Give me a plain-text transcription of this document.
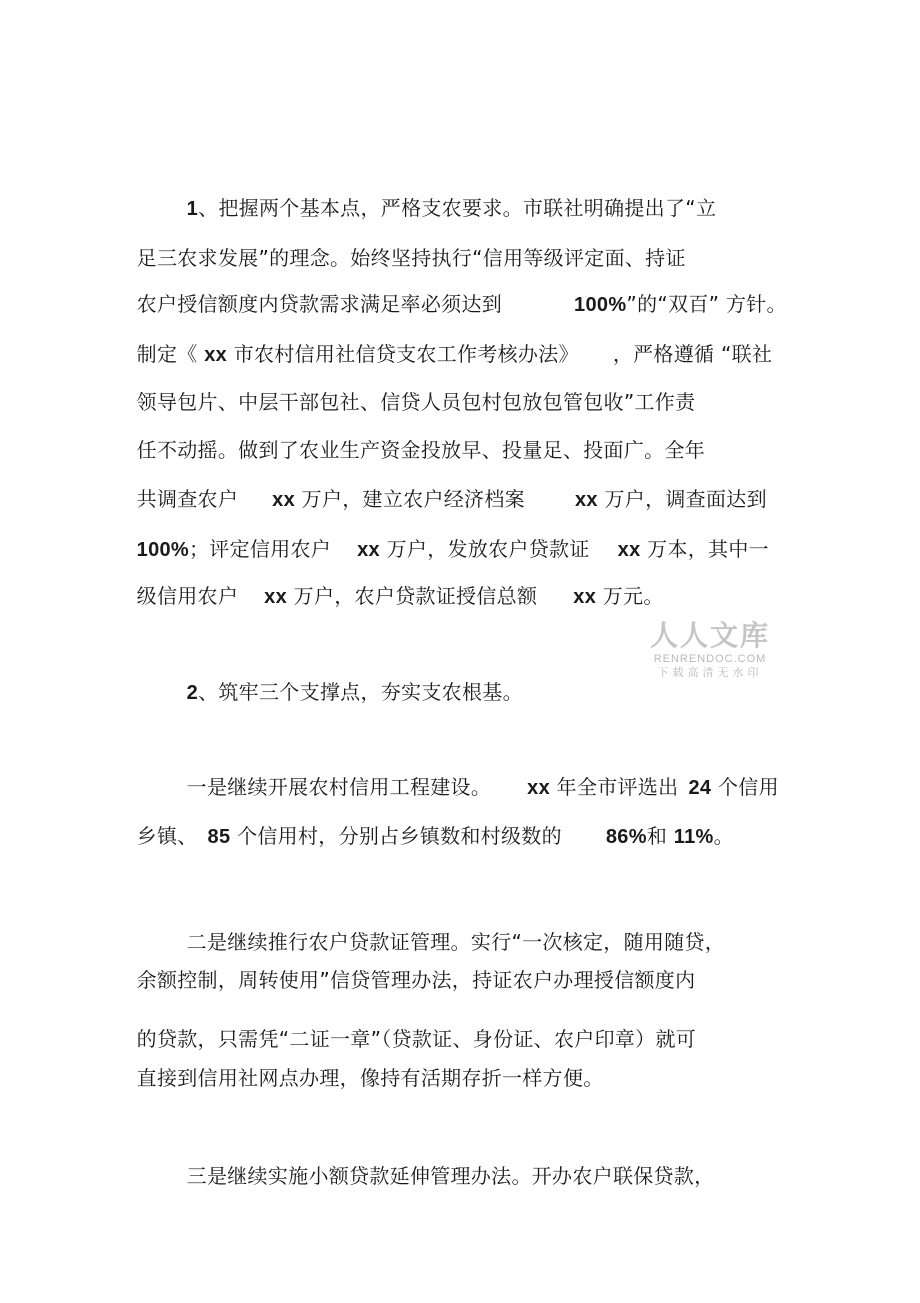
1、把握两个基本点，严格支农要求。市联社明确提出了“立

足三农求发展”的理念。始终坚持执行“信用等级评定面、持证

农户授信额度内贷款需求满足率必须达到	100%”的“双百” 方针。

制定《 xx 市农村信用社信贷支农工作考核办法》 ，严格遵循 “联社

领导包片、中层干部包社、信贷人员包村包放包管包收”工作责

任不动摇。做到了农业生产资金投放早、投量足、投面广。全年

共调查农户 xx 万户，建立农户经济档案	xx 万户，调查面达到

100%；评定信用农户 xx 万户，发放农户贷款证 xx 万本，其中一

级信用农户 xx 万户，农户贷款证授信总额 xx 万元。

2、筑牢三个支撑点，夯实支农根基。

一是继续开展农村信用工程建设。 xx 年全市评选出 24 个信用

乡镇、 85 个信用村，分别占乡镇数和村级数的 86%和 11%。

二是继续推行农户贷款证管理。实行“一次核定，随用随贷，

余额控制，周转使用”信贷管理办法，持证农户办理授信额度内

的贷款，只需凭“二证一章”（贷款证、身份证、农户印章）就可

直接到信用社网点办理，像持有活期存折一样方便。

三是继续实施小额贷款延伸管理办法。开办农户联保贷款，

人人文库
RENRENDOC.COM
下载高清无水印
